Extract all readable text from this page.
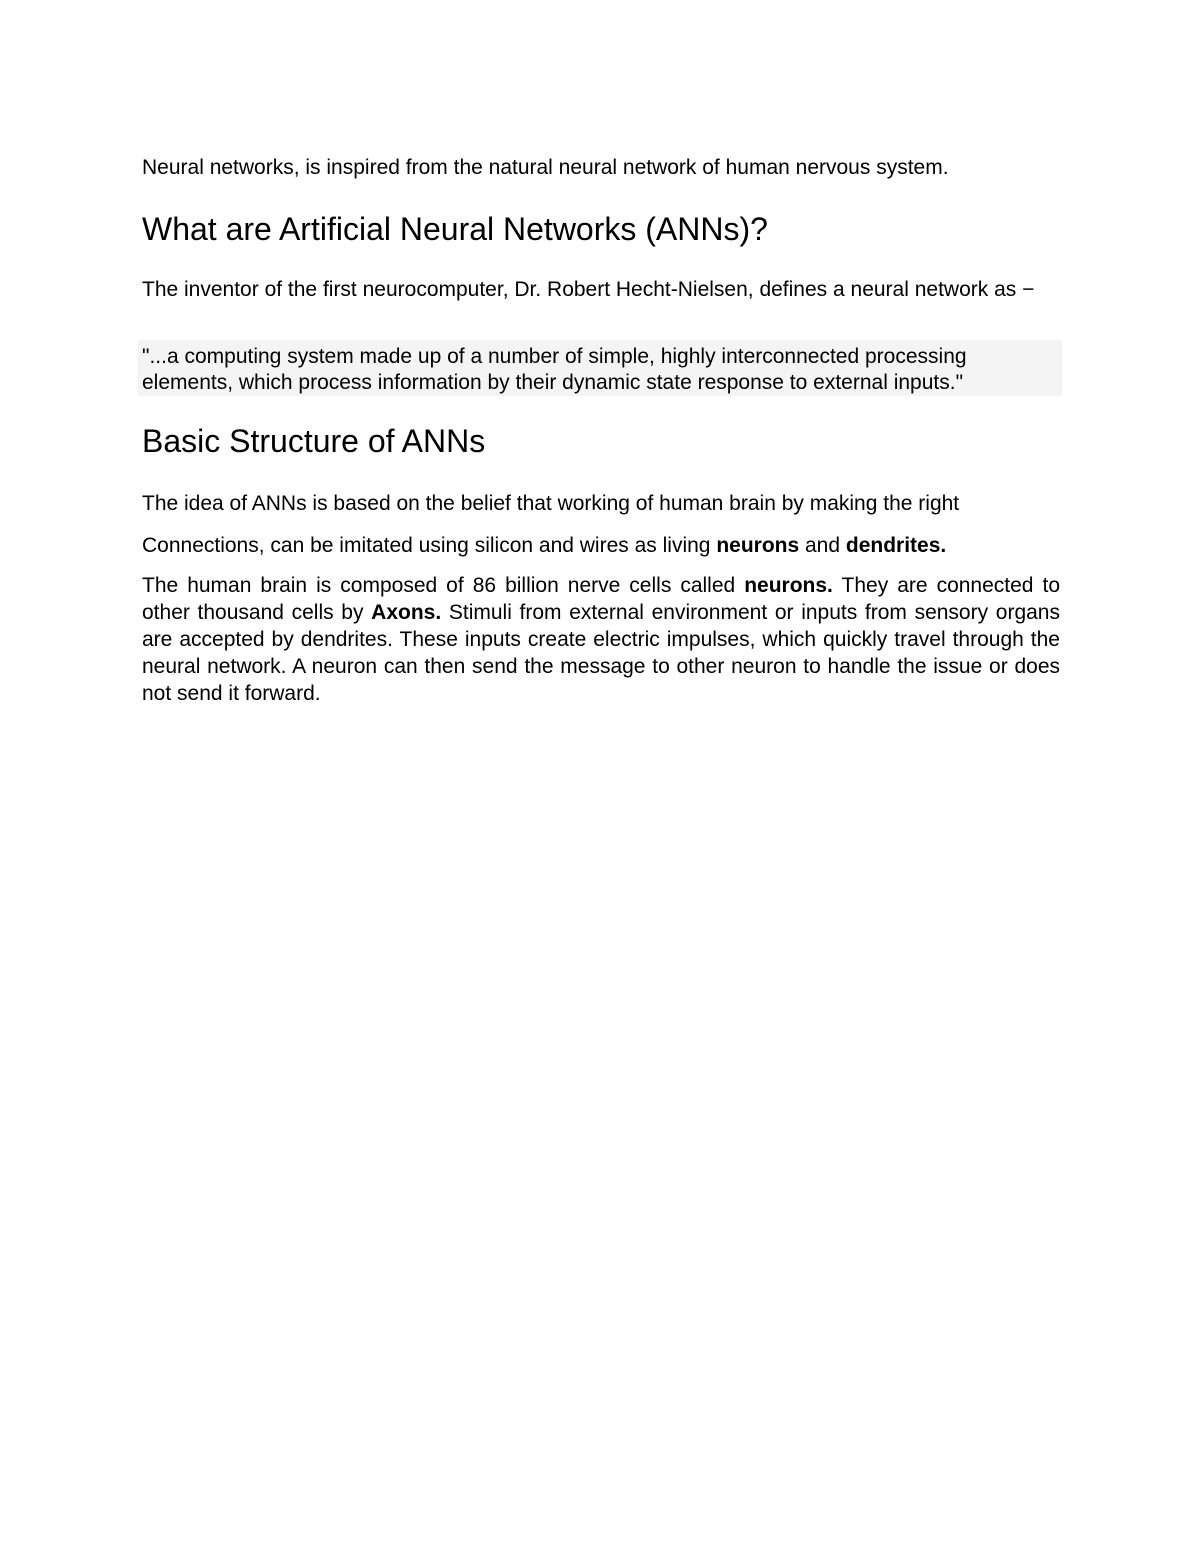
Neural networks, is inspired from the natural neural network of human nervous system.

What are Artificial Neural Networks (ANNs)?

The inventor of the first neurocomputer, Dr. Robert Hecht-Nielsen, defines a neural network as −

"...a computing system made up of a number of simple, highly interconnected processing elements, which process information by their dynamic state response to external inputs."

Basic Structure of ANNs

The idea of ANNs is based on the belief that working of human brain by making the right

Connections, can be imitated using silicon and wires as living neurons and dendrites.

The human brain is composed of 86 billion nerve cells called neurons. They are connected to other thousand cells by Axons. Stimuli from external environment or inputs from sensory organs are accepted by dendrites. These inputs create electric impulses, which quickly travel through the neural network. A neuron can then send the message to other neuron to handle the issue or does not send it forward.
